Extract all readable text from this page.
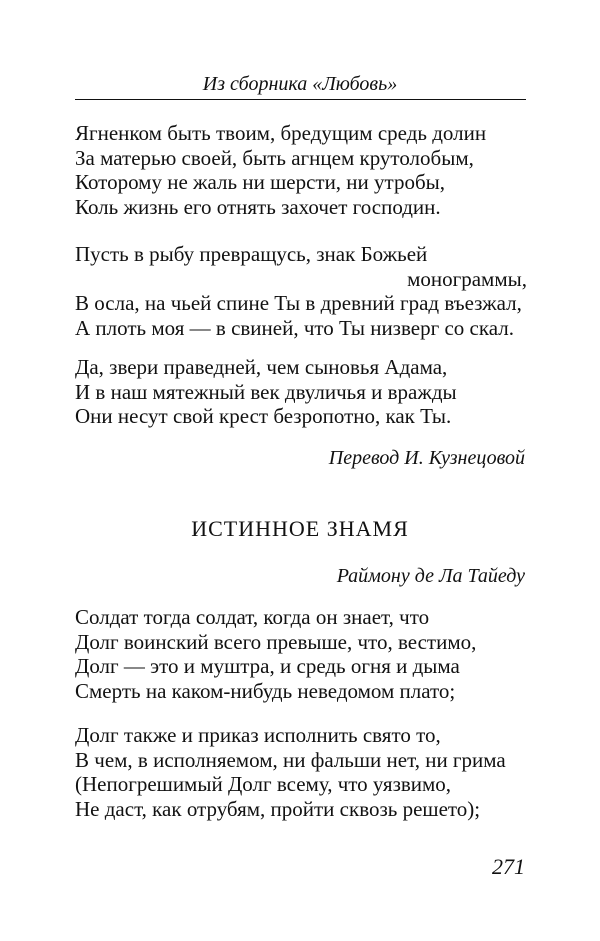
Из сборника «Любовь»
Ягненком быть твоим, бредущим средь долин
За матерью своей, быть агнцем крутолобым,
Которому не жаль ни шерсти, ни утробы,
Коль жизнь его отнять захочет господин.
Пусть в рыбу превращусь, знак Божьей
монограммы,
В осла, на чьей спине Ты в древний град въезжал,
А плоть моя — в свиней, что Ты низверг со скал.
Да, звери праведней, чем сыновья Адама,
И в наш мятежный век двуличья и вражды
Они несут свой крест безропотно, как Ты.
Перевод И. Кузнецовой
ИСТИННОЕ ЗНАМЯ
Раймону де Ла Тайеду
Солдат тогда солдат, когда он знает, что
Долг воинский всего превыше, что, вестимо,
Долг — это и муштра, и средь огня и дыма
Смерть на каком-нибудь неведомом плато;
Долг также и приказ исполнить свято то,
В чем, в исполняемом, ни фальши нет, ни грима
(Непогрешимый Долг всему, что уязвимо,
Не даст, как отрубям, пройти сквозь решето);
271
